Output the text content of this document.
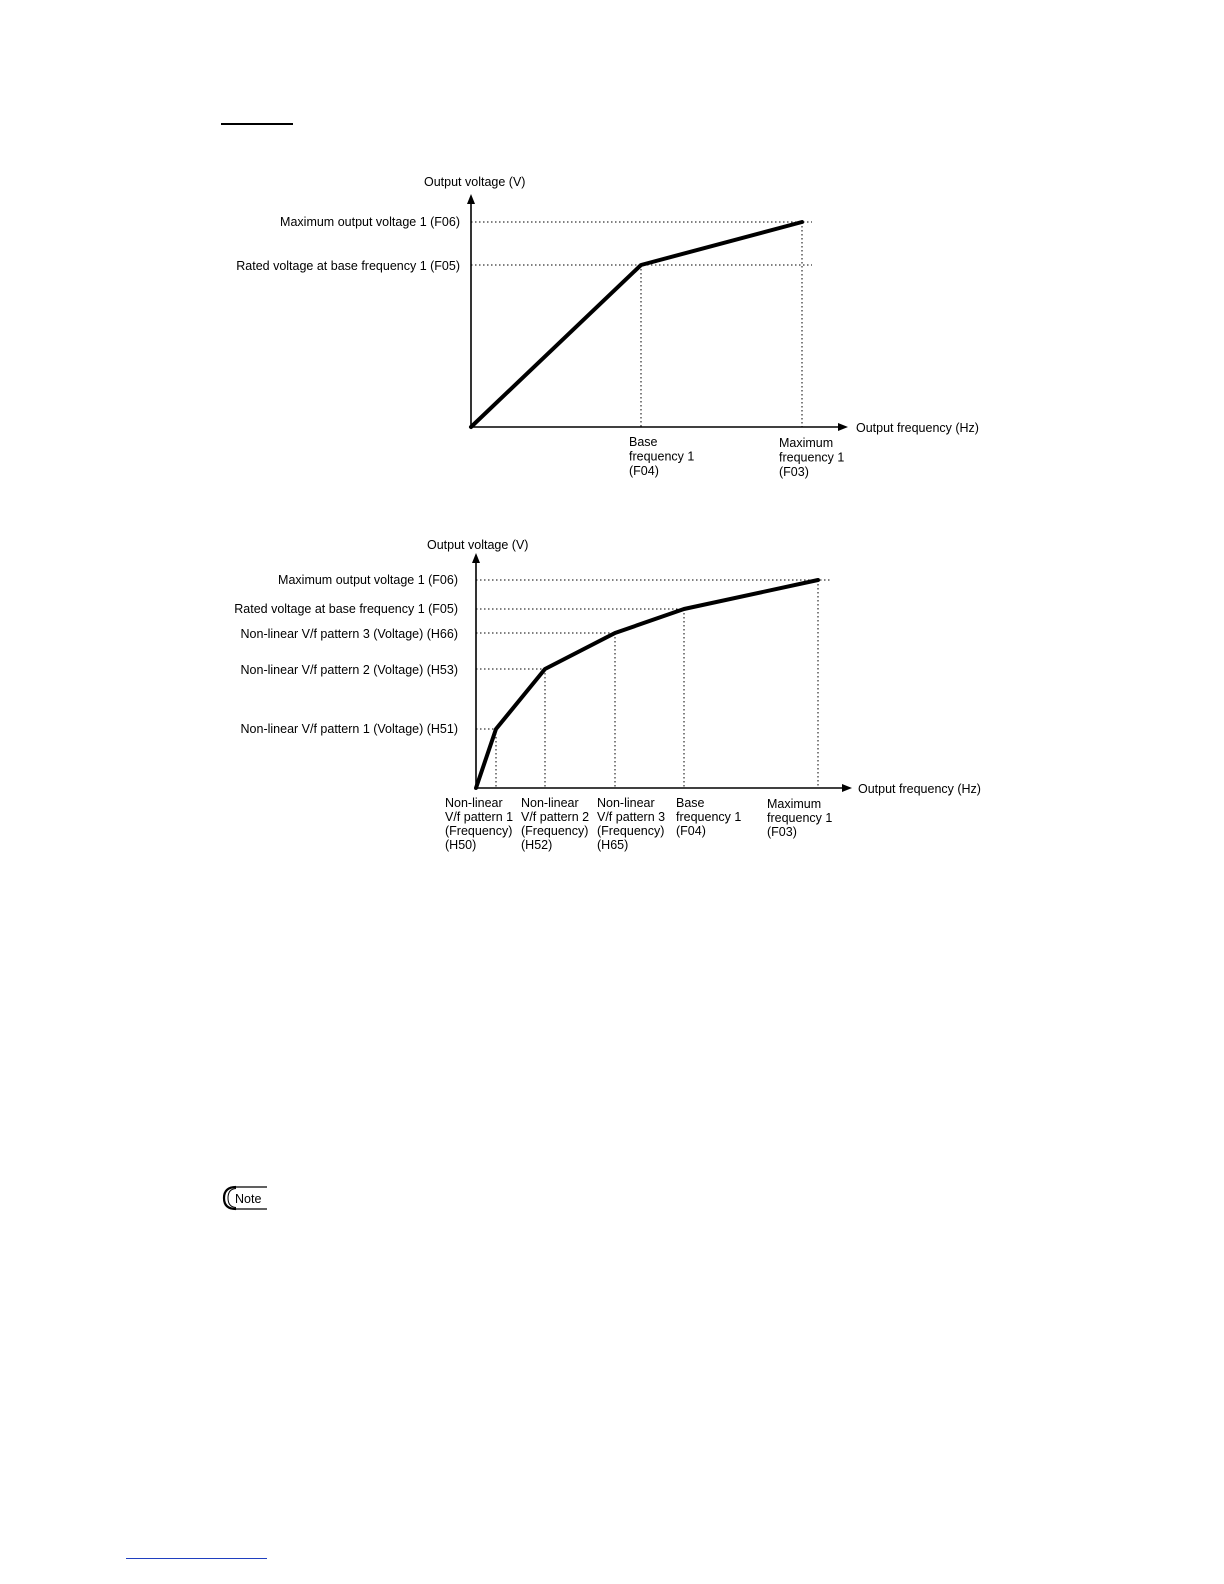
Output voltage (V)
Output frequency (Hz)
Maximum output voltage 1 (F06)
Rated voltage at base frequency 1 (F05)
Base frequency 1 (F04)
Maximum frequency 1 (F03)
Output voltage (V)
Output frequency (Hz)
Maximum output voltage 1 (F06)
Rated voltage at base frequency 1 (F05)
Non-linear V/f pattern 3 (Voltage) (H66)
Non-linear V/f pattern 2 (Voltage) (H53)
Non-linear V/f pattern 1 (Voltage) (H51)
Non-linear V/f pattern 1 (Frequency) (H50)
Non-linear V/f pattern 2 (Frequency) (H52)
Non-linear V/f pattern 3 (Frequency) (H65)
Base frequency 1 (F04)
Maximum frequency 1 (F03)
Note
